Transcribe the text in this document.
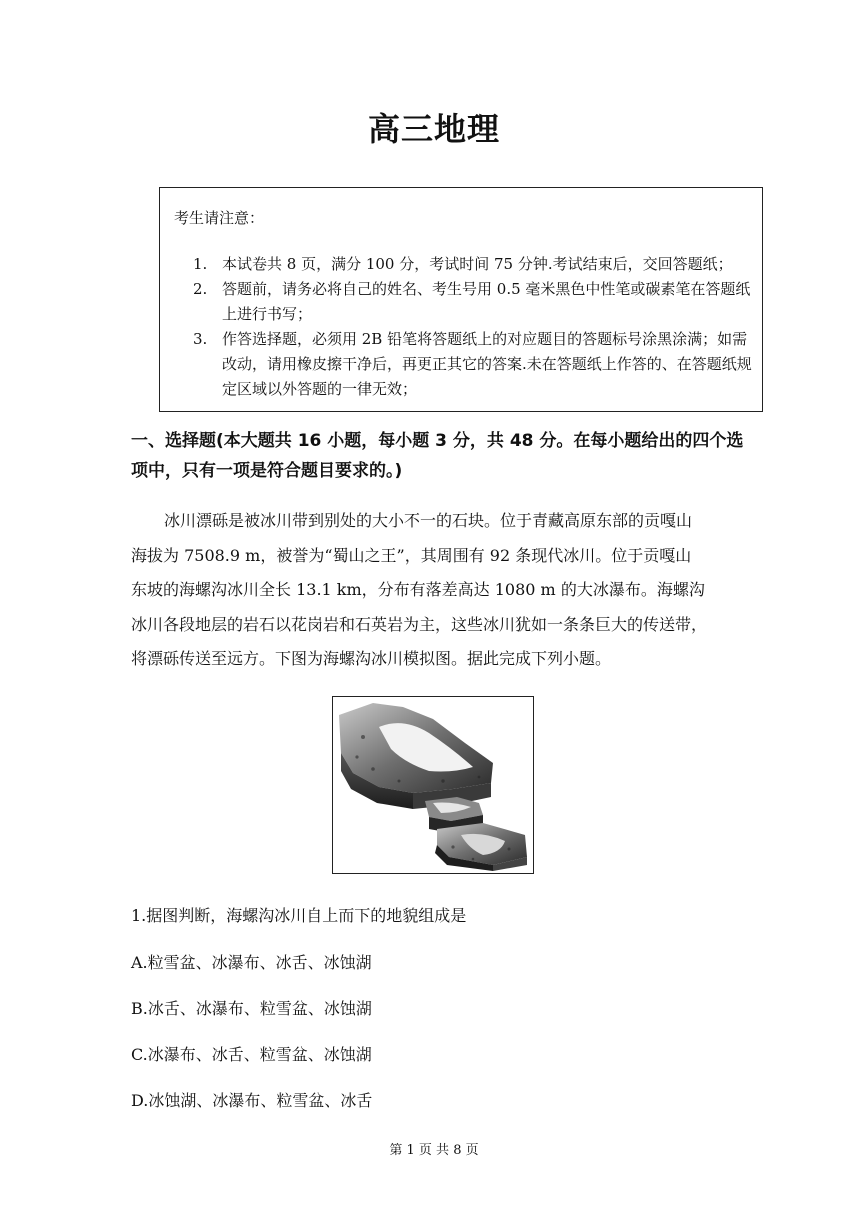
高三地理
考生请注意：
1. 本试卷共 8 页，满分 100 分，考试时间 75 分钟.考试结束后，交回答题纸；
2. 答题前，请务必将自己的姓名、考生号用 0.5 毫米黑色中性笔或碳素笔在答题纸上进行书写；
3. 作答选择题，必须用 2B 铅笔将答题纸上的对应题目的答题标号涂黑涂满；如需改动，请用橡皮擦干净后，再更正其它的答案.未在答题纸上作答的、在答题纸规定区域以外答题的一律无效；
一、选择题(本大题共 16 小题，每小题 3 分，共 48 分。在每小题给出的四个选项中，只有一项是符合题目要求的。)
冰川漂砾是被冰川带到别处的大小不一的石块。位于青藏高原东部的贡嘎山
海拔为 7508.9 m，被誉为“蜀山之王”，其周围有 92 条现代冰川。位于贡嘎山
东坡的海螺沟冰川全长 13.1 km，分布有落差高达 1080 m 的大冰瀑布。海螺沟
冰川各段地层的岩石以花岗岩和石英岩为主，这些冰川犹如一条条巨大的传送带，
将漂砾传送至远方。下图为海螺沟冰川模拟图。据此完成下列小题。
1.据图判断，海螺沟冰川自上而下的地貌组成是
A.粒雪盆、冰瀑布、冰舌、冰蚀湖
B.冰舌、冰瀑布、粒雪盆、冰蚀湖
C.冰瀑布、冰舌、粒雪盆、冰蚀湖
D.冰蚀湖、冰瀑布、粒雪盆、冰舌
第 1 页 共 8 页
